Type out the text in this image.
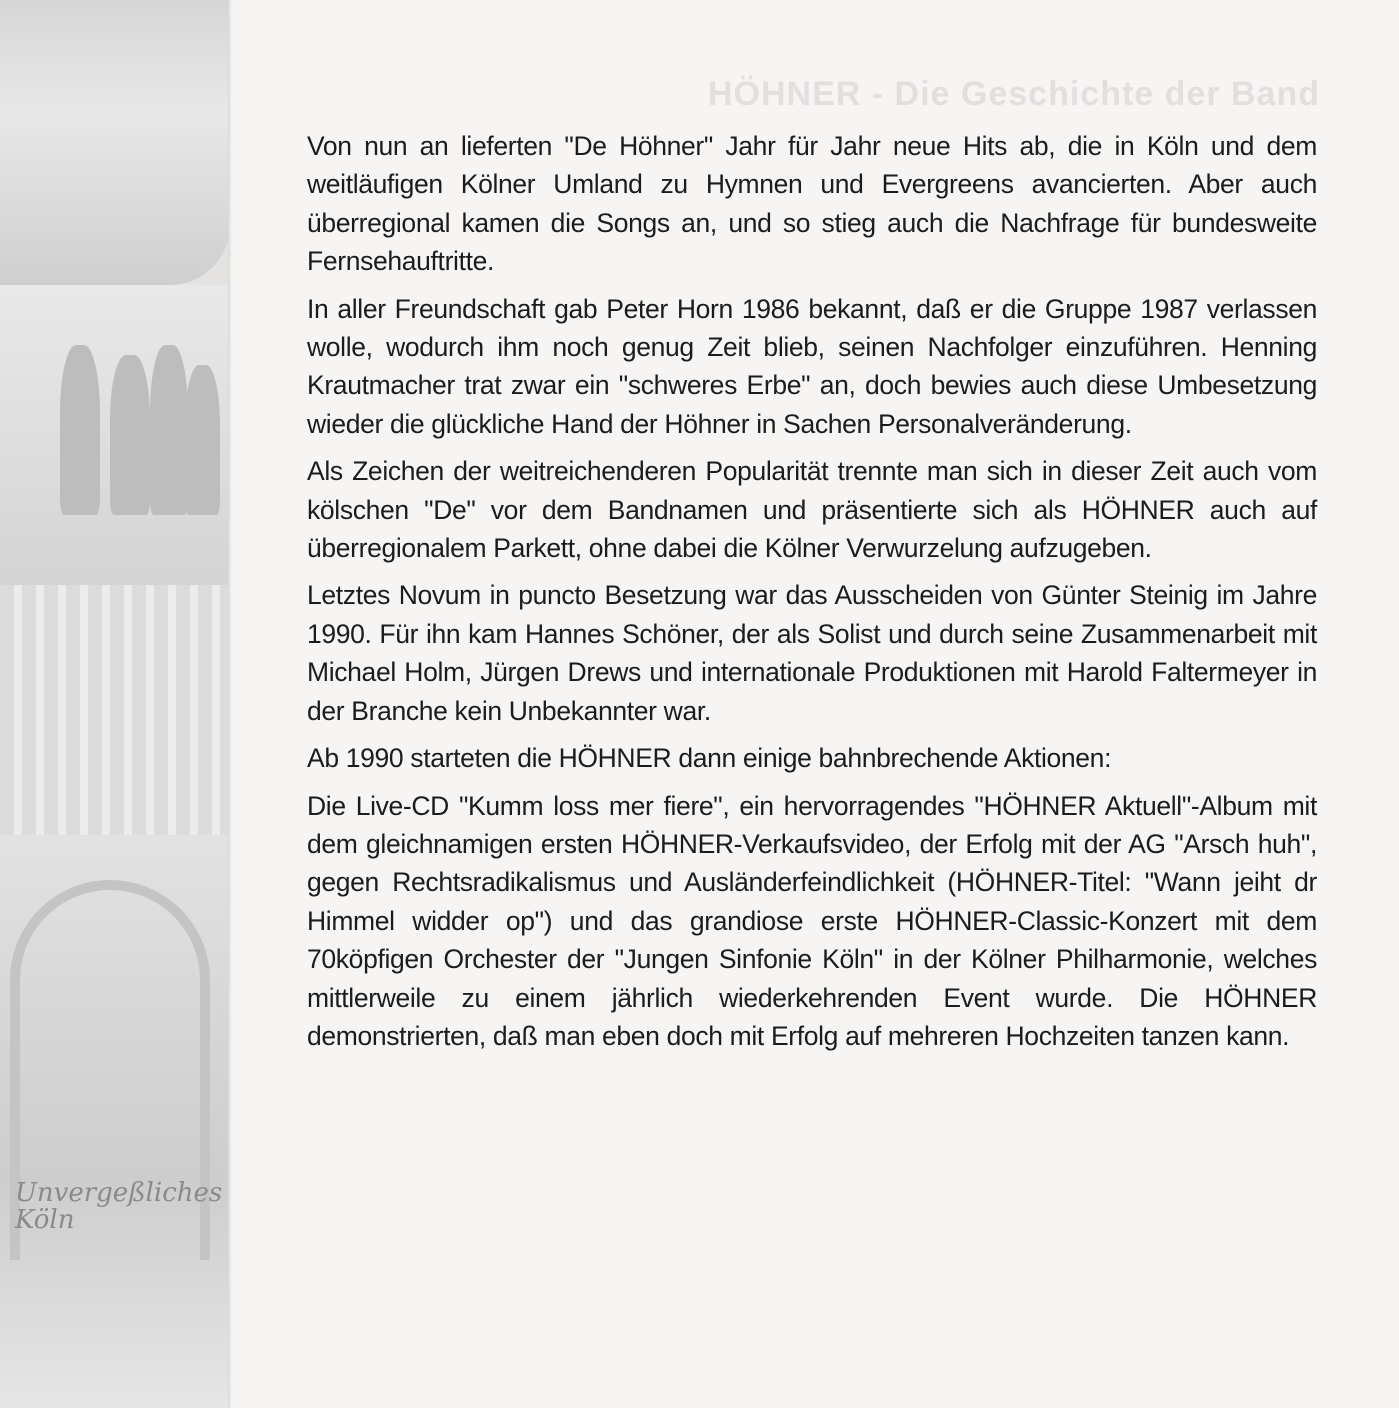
Unvergeßliches Köln
HÖHNER - Die Geschichte der Band

Von nun an lieferten "De Höhner" Jahr für Jahr neue Hits ab, die in Köln und dem weitläufigen Kölner Umland zu Hymnen und Evergreens avancierten. Aber auch überregional kamen die Songs an, und so stieg auch die Nachfrage für bundesweite Fernsehauftritte.

In aller Freundschaft gab Peter Horn 1986 bekannt, daß er die Gruppe 1987 verlassen wolle, wodurch ihm noch genug Zeit blieb, seinen Nachfolger einzuführen. Henning Krautmacher trat zwar ein "schweres Erbe" an, doch bewies auch diese Umbesetzung wieder die glückliche Hand der Höhner in Sachen Personalveränderung.

Als Zeichen der weitreichenderen Popularität trennte man sich in dieser Zeit auch vom kölschen "De" vor dem Bandnamen und präsentierte sich als HÖHNER auch auf überregionalem Parkett, ohne dabei die Kölner Verwurzelung aufzugeben.

Letztes Novum in puncto Besetzung war das Ausscheiden von Günter Steinig im Jahre 1990. Für ihn kam Hannes Schöner, der als Solist und durch seine Zusammenarbeit mit Michael Holm, Jürgen Drews und internationale Produktionen mit Harold Faltermeyer in der Branche kein Unbekannter war.

Ab 1990 starteten die HÖHNER dann einige bahnbrechende Aktionen:

Die Live-CD "Kumm loss mer fiere", ein hervorragendes "HÖHNER Aktuell"-Album mit dem gleichnamigen ersten HÖHNER-Verkaufsvideo, der Erfolg mit der AG "Arsch huh", gegen Rechtsradikalismus und Ausländerfeindlichkeit (HÖHNER-Titel: "Wann jeiht dr Himmel widder op") und das grandiose erste HÖHNER-Classic-Konzert mit dem 70köpfigen Orchester der "Jungen Sinfonie Köln" in der Kölner Philharmonie, welches mittlerweile zu einem jährlich wiederkehrenden Event wurde. Die HÖHNER demonstrierten, daß man eben doch mit Erfolg auf mehreren Hochzeiten tanzen kann.
